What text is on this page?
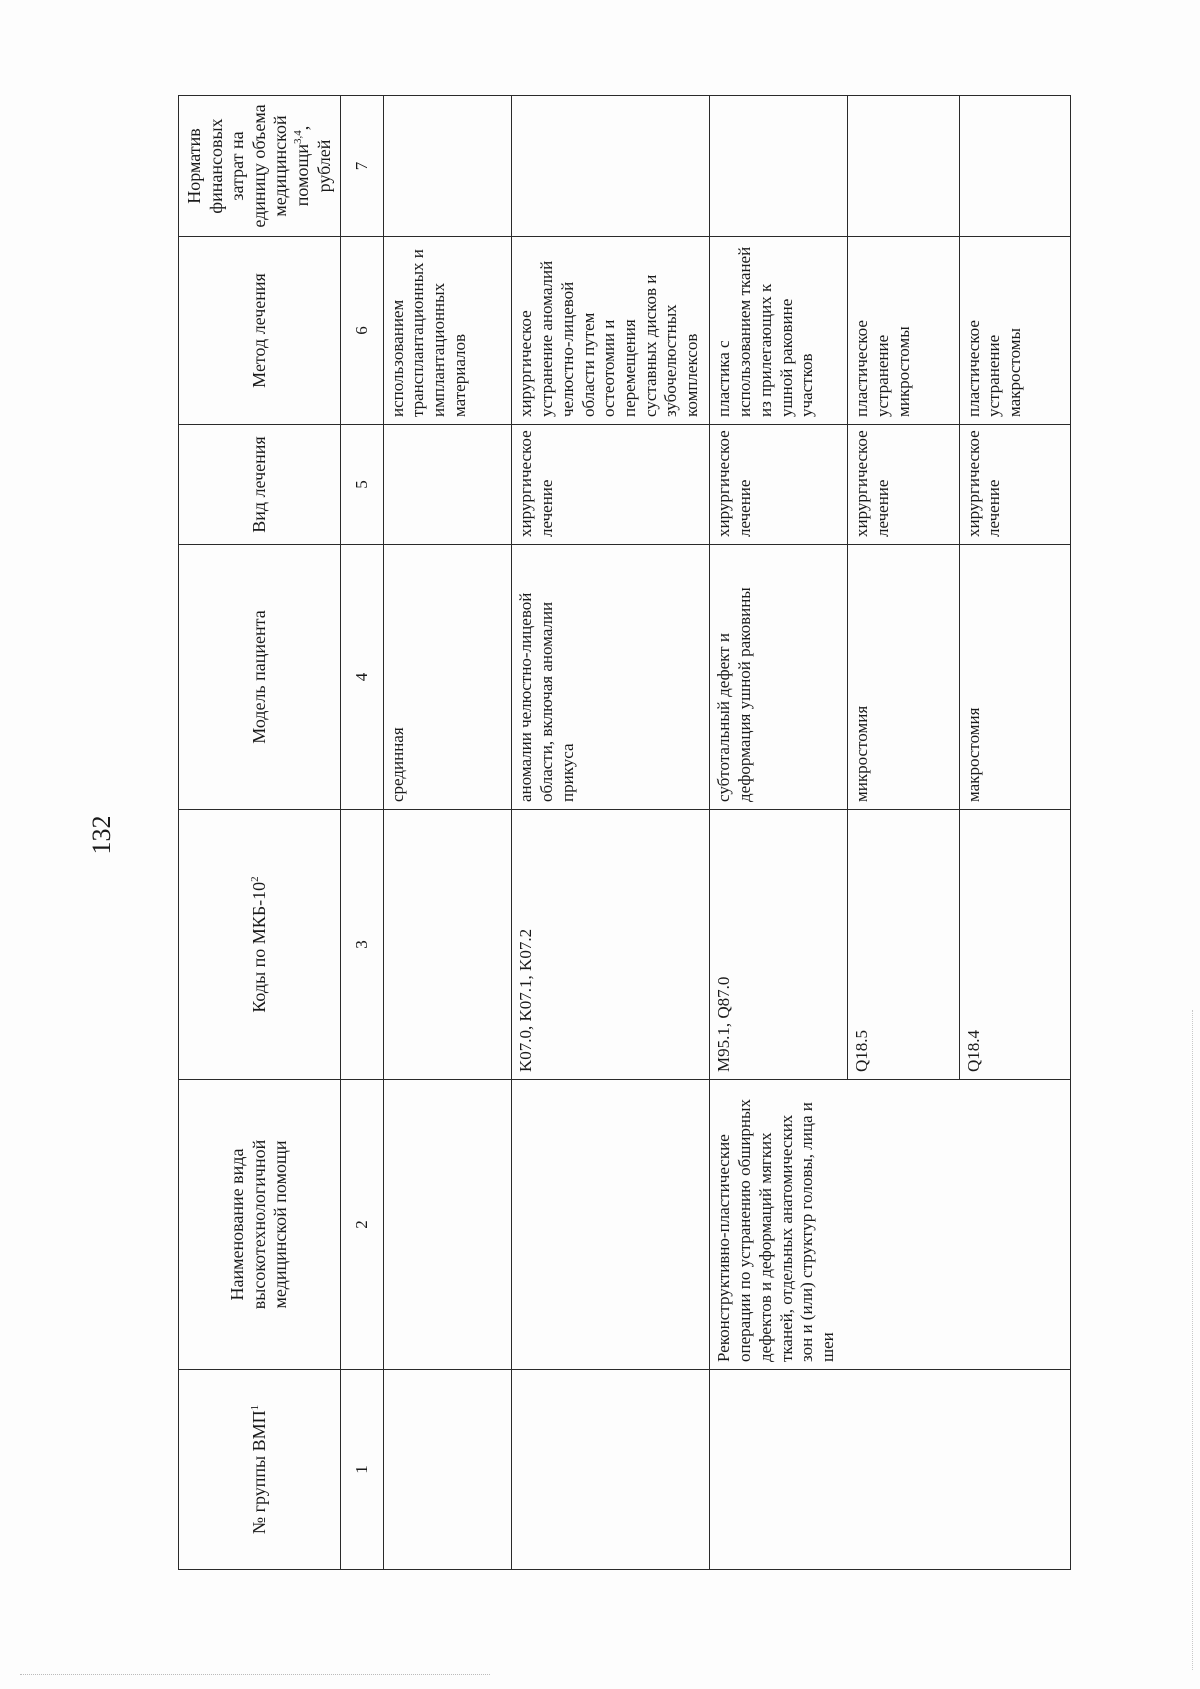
132
№ группы ВМП$^1$	Наименование вида высокотехнологичной медицинской помощи	Коды по МКБ-$10^2$	Модель пациента	Вид лечения	Метод лечения	Норматив финансовых затрат на единицу объема медицинской помощи$^{3,4}$, рублей
1	2	3	4	5	6	7
			срединная		использованием трансплантационных и имплантационных материалов	
		K07.0, K07.1, K07.2	аномалии челюстно-лицевой области, включая аномалии прикуса	хирургическое лечение	хирургическое устранение аномалий челюстно-лицевой области путем остеотомии и перемещения суставных дисков и зубочелюстных комплексов	
	Реконструктивно-пластические операции по устранению обширных дефектов и деформаций мягких тканей, отдельных анатомических зон и (или) структур головы, лица и шеи	M95.1, Q87.0	субтотальный дефект и деформация ушной раковины	хирургическое лечение	пластика с использованием тканей из прилегающих к ушной раковине участков	
		Q18.5	микростомия	хирургическое лечение	пластическое устранение микростомы	
		Q18.4	макростомия	хирургическое лечение	пластическое устранение макростомы	
